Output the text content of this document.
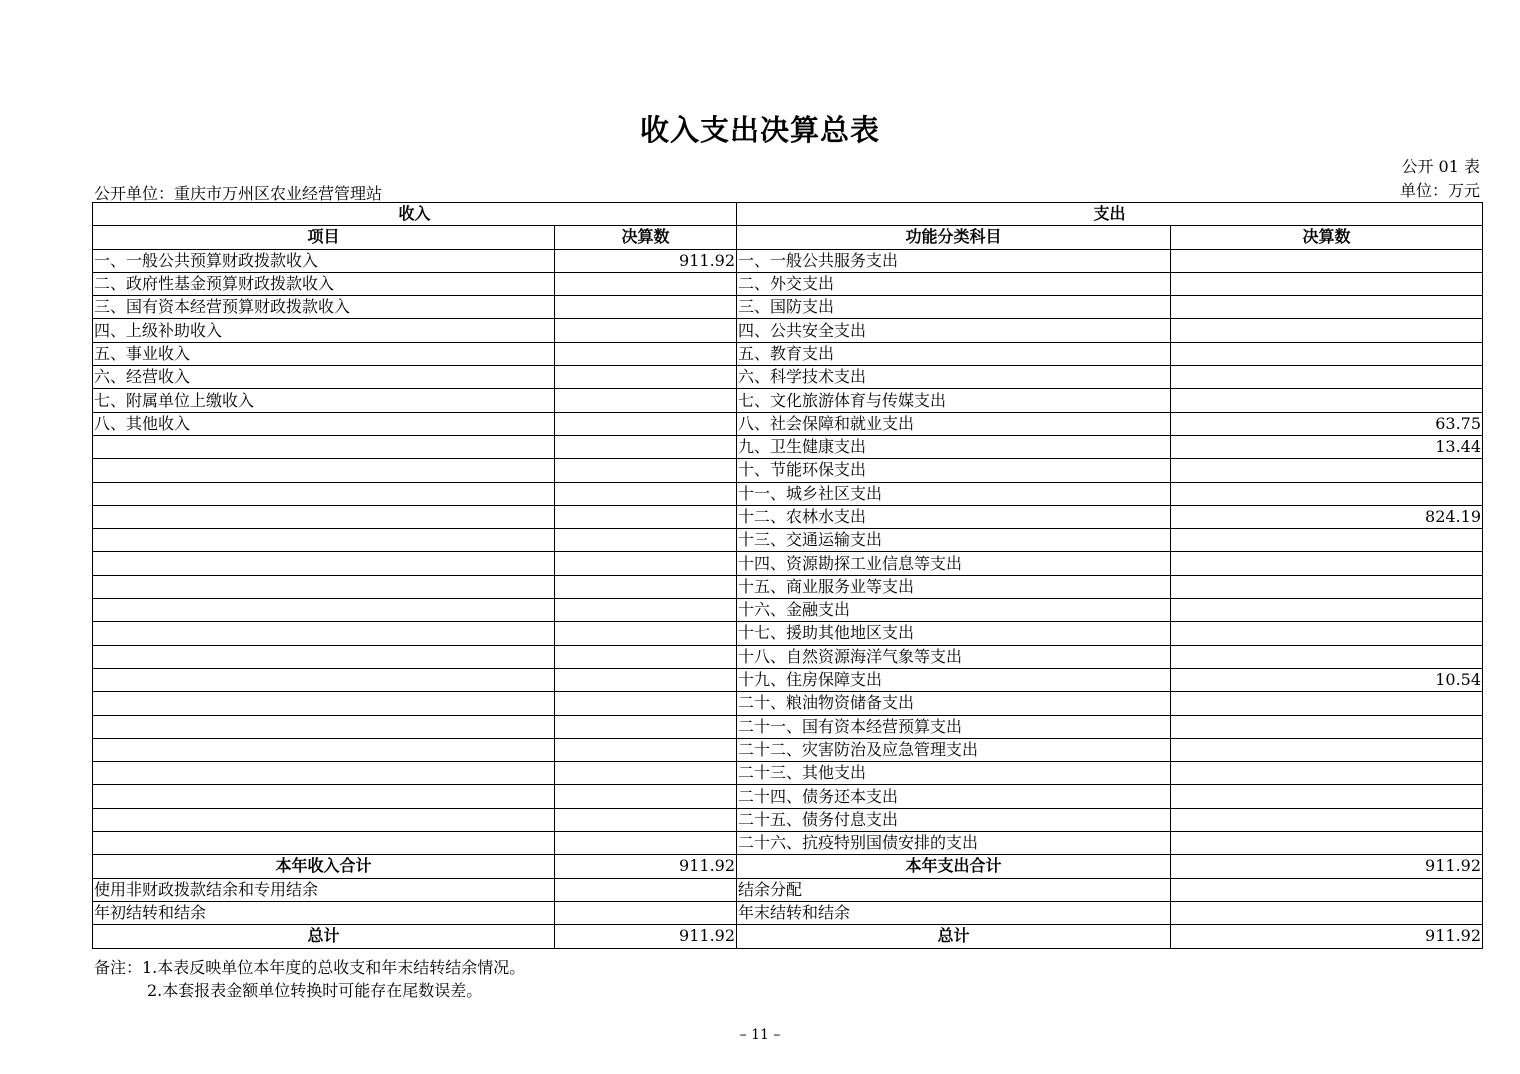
收入支出决算总表
公开 01 表
公开单位：重庆市万州区农业经营管理站	单位：万元
收入		支出	
项目	决算数	功能分类科目	决算数
一、一般公共预算财政拨款收入	911.92	一、一般公共服务支出	
二、政府性基金预算财政拨款收入		二、外交支出	
三、国有资本经营预算财政拨款收入		三、国防支出	
四、上级补助收入		四、公共安全支出	
五、事业收入		五、教育支出	
六、经营收入		六、科学技术支出	
七、附属单位上缴收入		七、文化旅游体育与传媒支出	
八、其他收入		八、社会保障和就业支出	63.75
		九、卫生健康支出	13.44
		十、节能环保支出	
		十一、城乡社区支出	
		十二、农林水支出	824.19
		十三、交通运输支出	
		十四、资源勘探工业信息等支出	
		十五、商业服务业等支出	
		十六、金融支出	
		十七、援助其他地区支出	
		十八、自然资源海洋气象等支出	
		十九、住房保障支出	10.54
		二十、粮油物资储备支出	
		二十一、国有资本经营预算支出	
		二十二、灾害防治及应急管理支出	
		二十三、其他支出	
		二十四、债务还本支出	
		二十五、债务付息支出	
		二十六、抗疫特别国债安排的支出	
本年收入合计	911.92	本年支出合计	911.92
使用非财政拨款结余和专用结余		结余分配	
年初结转和结余		年末结转和结余	
总计	911.92	总计	911.92
备注：1.本表反映单位本年度的总收支和年末结转结余情况。
2.本套报表金额单位转换时可能存在尾数误差。
– 11 –
